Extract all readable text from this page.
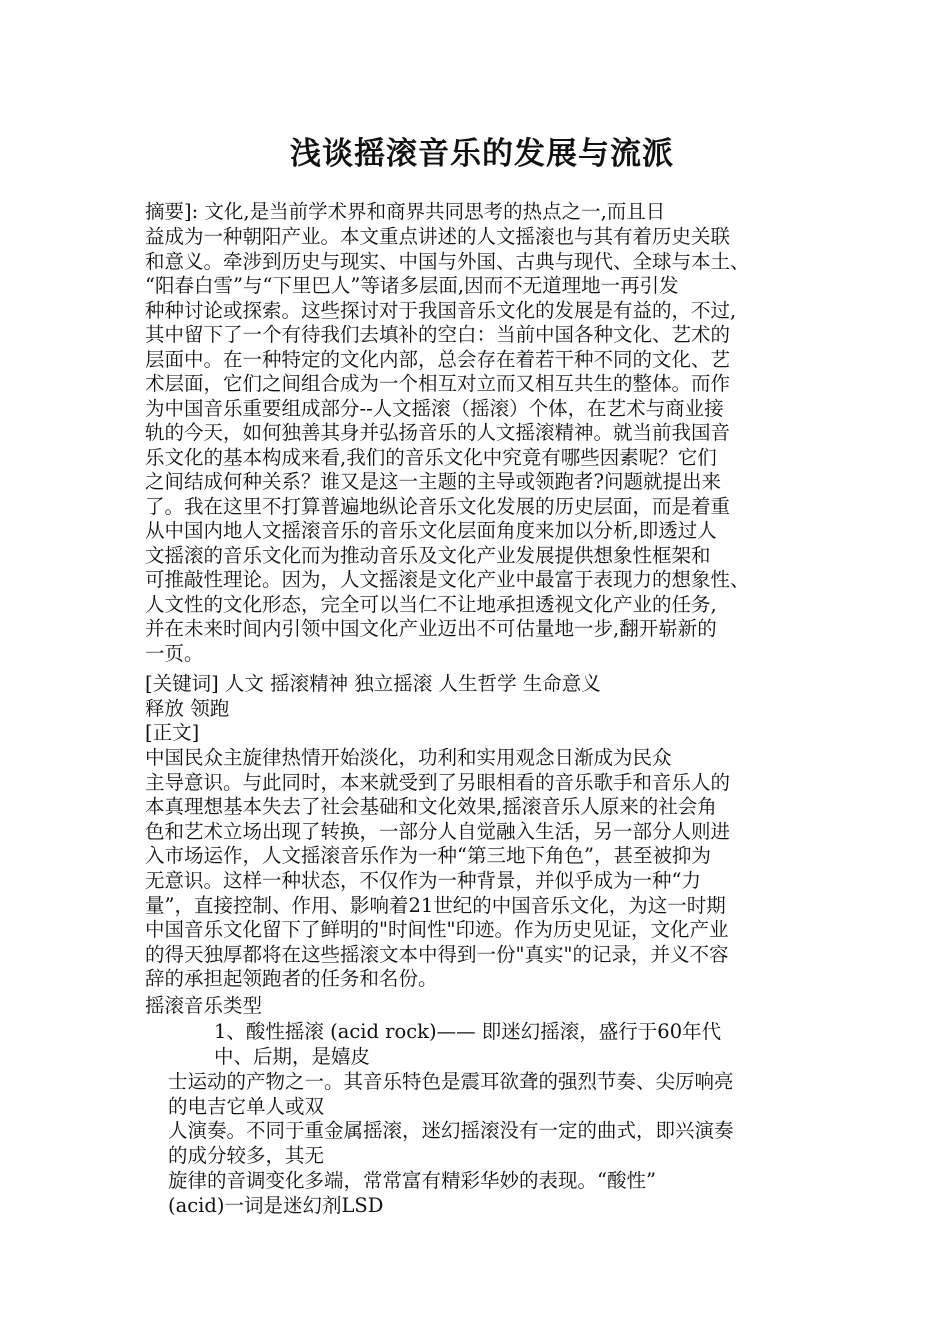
浅谈摇滚音乐的发展与流派
摘要]: 文化,是当前学术界和商界共同思考的热点之一,而且日
益成为一种朝阳产业。本文重点讲述的人文摇滚也与其有着历史关联
和意义。牵涉到历史与现实、中国与外国、古典与现代、全球与本土、
“阳春白雪”与“下里巴人”等诸多层面,因而不无道理地一再引发
种种讨论或探索。这些探讨对于我国音乐文化的发展是有益的，不过,
其中留下了一个有待我们去填补的空白：当前中国各种文化、艺术的
层面中。在一种特定的文化内部，总会存在着若干种不同的文化、艺
术层面，它们之间组合成为一个相互对立而又相互共生的整体。而作
为中国音乐重要组成部分--人文摇滚（摇滚）个体，在艺术与商业接
轨的今天，如何独善其身并弘扬音乐的人文摇滚精神。就当前我国音
乐文化的基本构成来看,我们的音乐文化中究竟有哪些因素呢？它们
之间结成何种关系？谁又是这一主题的主导或领跑者?问题就提出来
了。我在这里不打算普遍地纵论音乐文化发展的历史层面，而是着重
从中国内地人文摇滚音乐的音乐文化层面角度来加以分析,即透过人
文摇滚的音乐文化而为推动音乐及文化产业发展提供想象性框架和
可推敲性理论。因为，人文摇滚是文化产业中最富于表现力的想象性、
人文性的文化形态，完全可以当仁不让地承担透视文化产业的任务,
并在未来时间内引领中国文化产业迈出不可估量地一步,翻开崭新的
一页。
[关键词] 人文 摇滚精神 独立摇滚 人生哲学 生命意义
释放 领跑
[正文]
中国民众主旋律热情开始淡化，功利和实用观念日渐成为民众
主导意识。与此同时，本来就受到了另眼相看的音乐歌手和音乐人的
本真理想基本失去了社会基础和文化效果,摇滚音乐人原来的社会角
色和艺术立场出现了转换，一部分人自觉融入生活，另一部分人则进
入市场运作，人文摇滚音乐作为一种“第三地下角色”，甚至被抑为
无意识。这样一种状态，不仅作为一种背景，并似乎成为一种“力
量”，直接控制、作用、影响着21世纪的中国音乐文化，为这一时期
中国音乐文化留下了鲜明的"时间性"印迹。作为历史见证，文化产业
的得天独厚都将在这些摇滚文本中得到一份"真实"的记录，并义不容
辞的承担起领跑者的任务和名份。
摇滚音乐类型
1、酸性摇滚 (acid rock)—— 即迷幻摇滚，盛行于60年代
中、后期，是嬉皮
士运动的产物之一。其音乐特色是震耳欲聋的强烈节奏、尖厉响亮
的电吉它单人或双
人演奏。不同于重金属摇滚，迷幻摇滚没有一定的曲式，即兴演奏
的成分较多，其无
旋律的音调变化多端，常常富有精彩华妙的表现。“酸性”
(acid)一词是迷幻剂LSD
